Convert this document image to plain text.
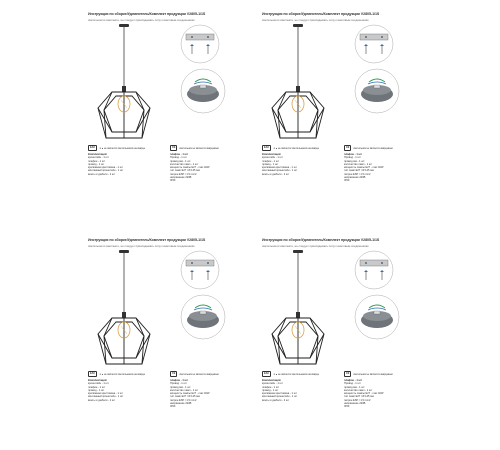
Инструкция по сборке/Удлинитель/Комплект продукции V2805-1/1S
светильник в комплекте, не следует прикладывать силу к винтовым соединениям
EAC	☀ ● не является светильником на кварце
Комплектация:
кронштейн - 1 шт
плафон - 1 шт
провод - 1 шт
крепёжная крестовина - 1 шт
монтажный кронштейн - 1 шт
винты и дюбели - 2 шт
CE	светильник не является кварцевым
плафон - 1 шт
Провод - 1 шт
провод мм - 1 шт
количество ламп - 1 шт
мощность лампы E27 - max 40W
тип ламп E27 / Ø 125 мм
патрон ESP / 1.5 mm2
напряжение 220В
IP20
Инструкция по сборке/Удлинитель/Комплект продукции V2805-1/1S
светильник в комплекте, не следует прикладывать силу к винтовым соединениям
EAC	☀ ● не является светильником на кварце
Комплектация:
кронштейн - 1 шт
плафон - 1 шт
провод - 1 шт
крепёжная крестовина - 1 шт
монтажный кронштейн - 1 шт
винты и дюбели - 2 шт
CE	светильник не является кварцевым
плафон - 1 шт
Провод - 1 шт
провод мм - 1 шт
количество ламп - 1 шт
мощность лампы E27 - max 40W
тип ламп E27 / Ø 125 мм
патрон ESP / 1.5 mm2
напряжение 220В
IP20
Инструкция по сборке/Удлинитель/Комплект продукции V2805-1/1S
светильник в комплекте, не следует прикладывать силу к винтовым соединениям
EAC	☀ ● не является светильником на кварце
Комплектация:
кронштейн - 1 шт
плафон - 1 шт
провод - 1 шт
крепёжная крестовина - 1 шт
монтажный кронштейн - 1 шт
винты и дюбели - 2 шт
CE	светильник не является кварцевым
плафон - 1 шт
Провод - 1 шт
провод мм - 1 шт
количество ламп - 1 шт
мощность лампы E27 - max 40W
тип ламп E27 / Ø 125 мм
патрон ESP / 1.5 mm2
напряжение 220В
IP20
Инструкция по сборке/Удлинитель/Комплект продукции V2805-1/1S
светильник в комплекте, не следует прикладывать силу к винтовым соединениям
EAC	☀ ● не является светильником на кварце
Комплектация:
кронштейн - 1 шт
плафон - 1 шт
провод - 1 шт
крепёжная крестовина - 1 шт
монтажный кронштейн - 1 шт
винты и дюбели - 2 шт
CE	светильник не является кварцевым
плафон - 1 шт
Провод - 1 шт
провод мм - 1 шт
количество ламп - 1 шт
мощность лампы E27 - max 40W
тип ламп E27 / Ø 125 мм
патрон ESP / 1.5 mm2
напряжение 220В
IP20
